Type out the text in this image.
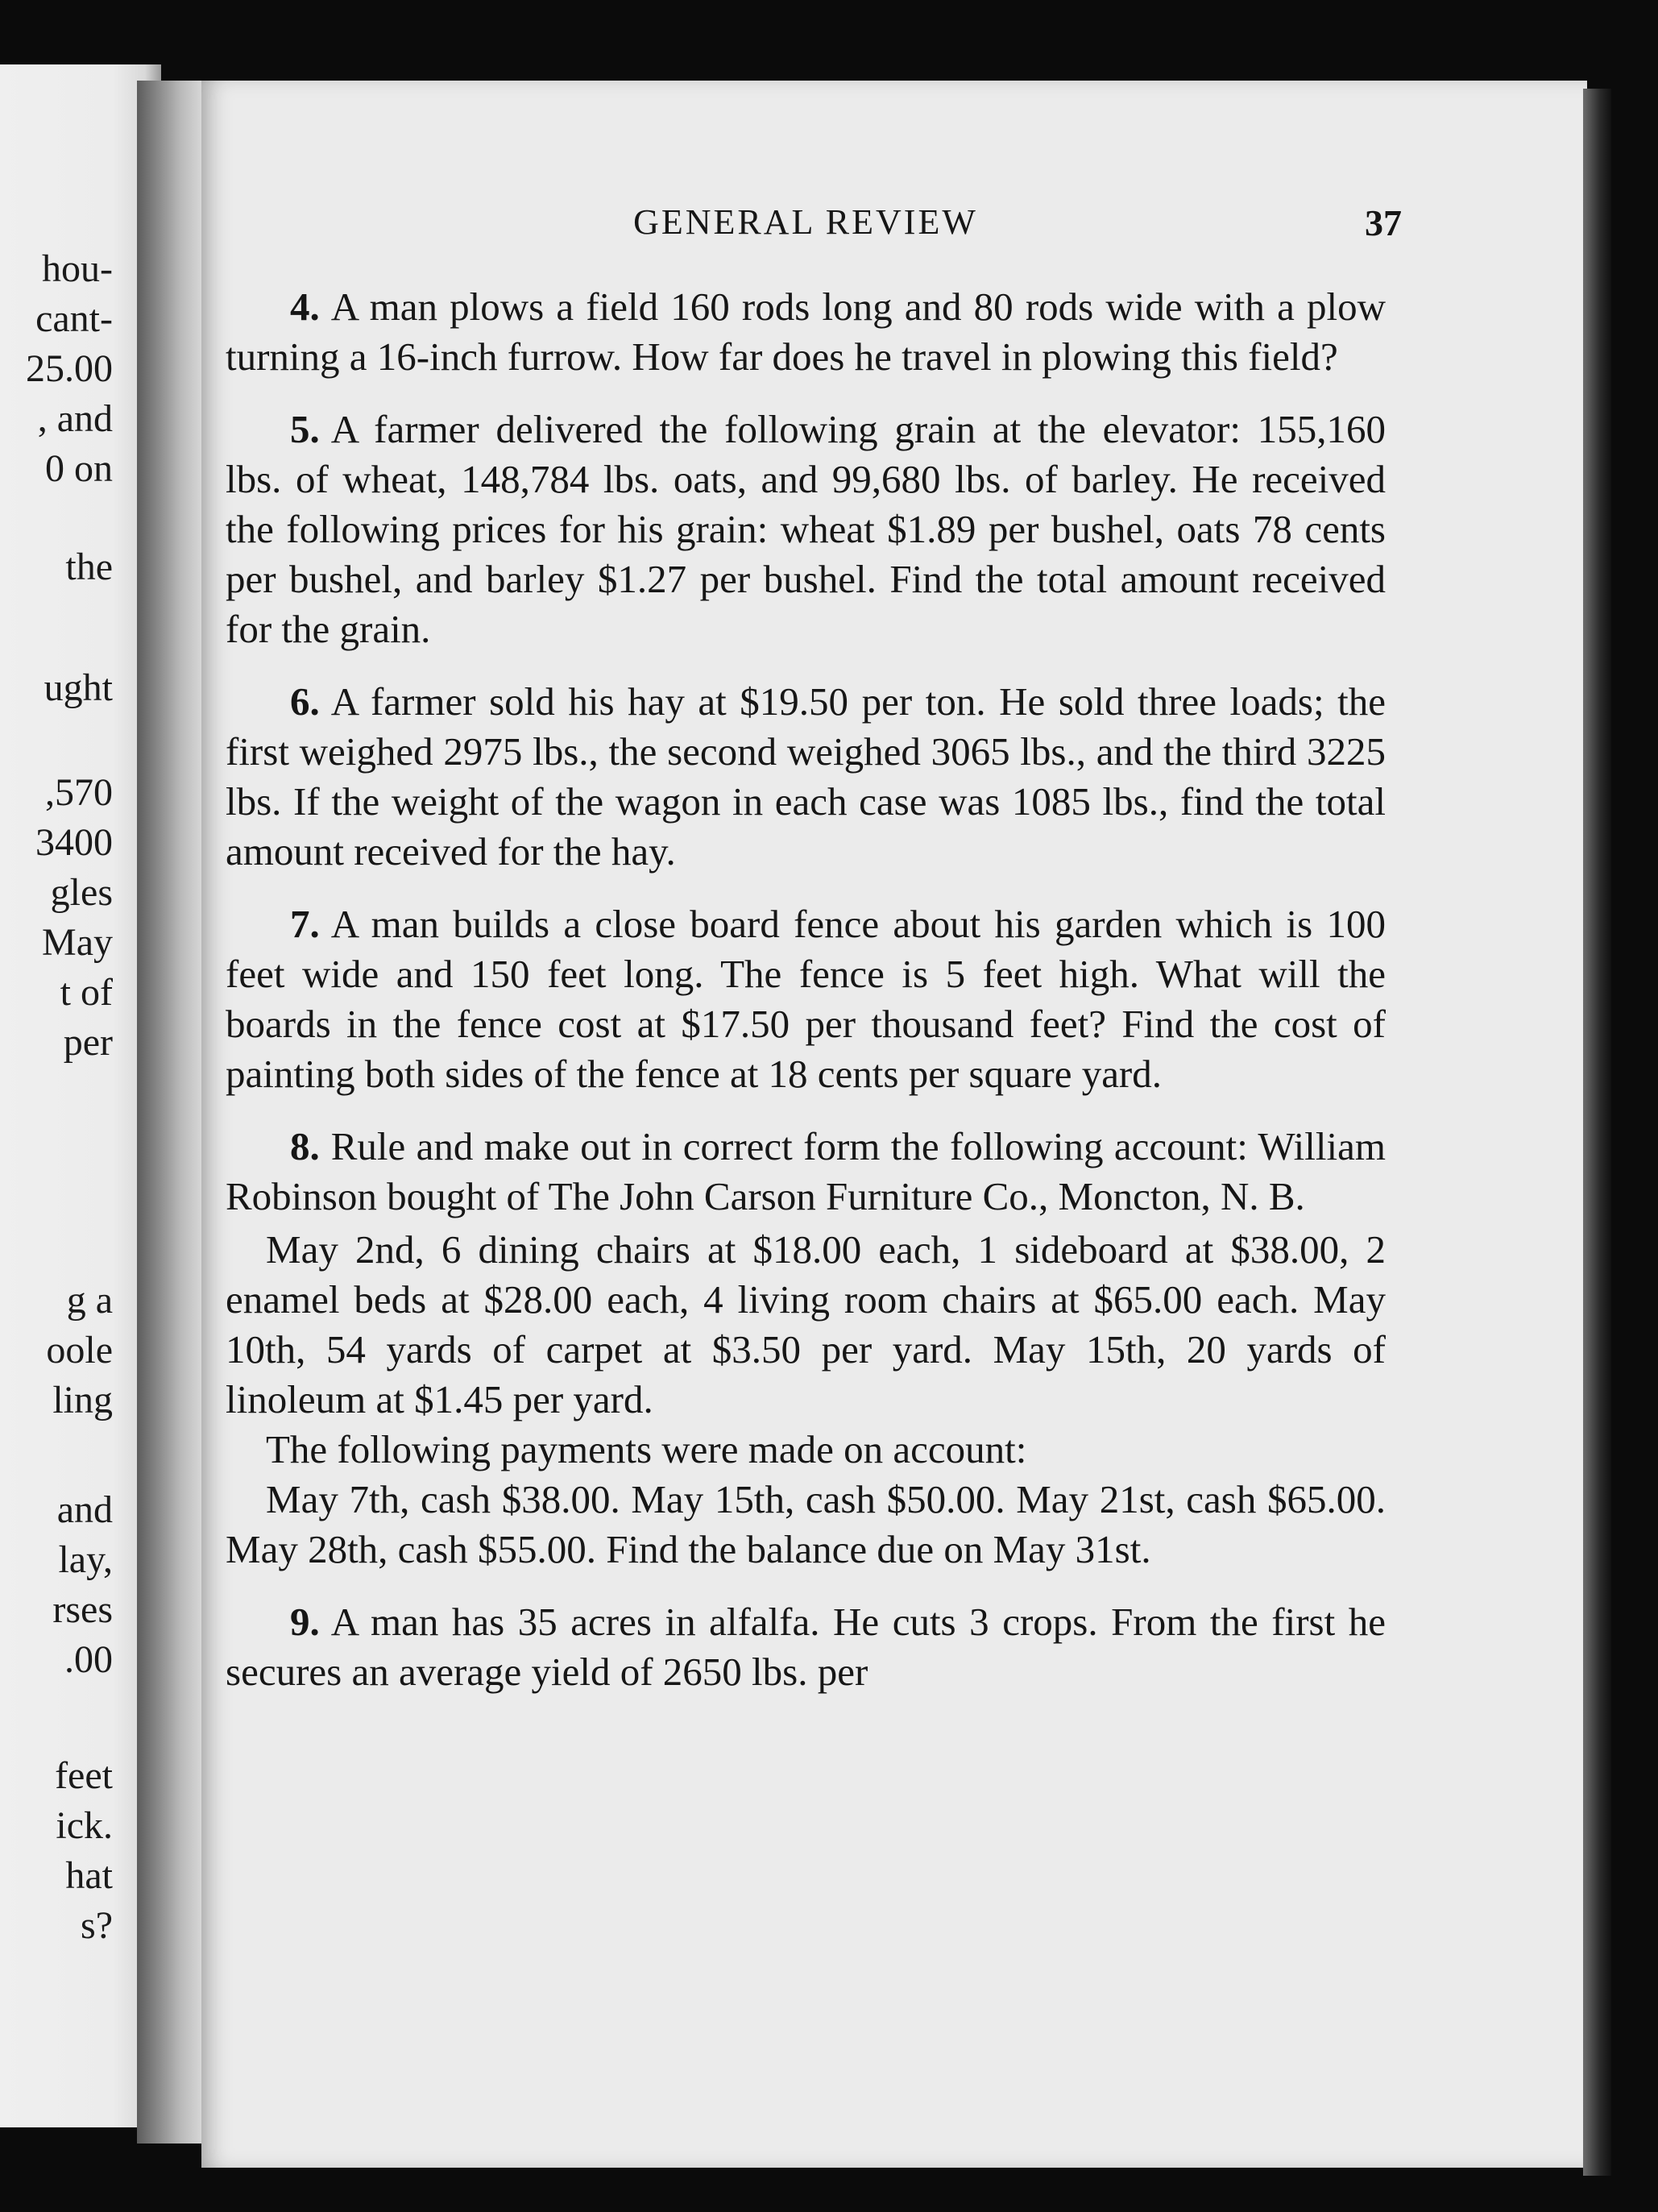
hou-
cant-
25.00
, and
0 on
the
ught
,570
3400
gles
May
t of
per
g a
oole
ling
and
lay,
rses
.00
feet
ick.
hat
s?
GENERAL REVIEW	37

4. A man plows a field 160 rods long and 80 rods wide with a plow turning a 16-inch furrow. How far does he travel in plowing this field?

5. A farmer delivered the following grain at the elevator: 155,160 lbs. of wheat, 148,784 lbs. oats, and 99,680 lbs. of barley. He received the following prices for his grain: wheat $1.89 per bushel, oats 78 cents per bushel, and barley $1.27 per bushel. Find the total amount received for the grain.

6. A farmer sold his hay at $19.50 per ton. He sold three loads; the first weighed 2975 lbs., the second weighed 3065 lbs., and the third 3225 lbs. If the weight of the wagon in each case was 1085 lbs., find the total amount received for the hay.

7. A man builds a close board fence about his garden which is 100 feet wide and 150 feet long. The fence is 5 feet high. What will the boards in the fence cost at $17.50 per thousand feet? Find the cost of painting both sides of the fence at 18 cents per square yard.

8. Rule and make out in correct form the following account: William Robinson bought of The John Carson Furniture Co., Moncton, N. B.

May 2nd, 6 dining chairs at $18.00 each, 1 sideboard at $38.00, 2 enamel beds at $28.00 each, 4 living room chairs at $65.00 each. May 10th, 54 yards of carpet at $3.50 per yard. May 15th, 20 yards of linoleum at $1.45 per yard.

The following payments were made on account:

May 7th, cash $38.00. May 15th, cash $50.00. May 21st, cash $65.00. May 28th, cash $55.00. Find the balance due on May 31st.

9. A man has 35 acres in alfalfa. He cuts 3 crops. From the first he secures an average yield of 2650 lbs. per
